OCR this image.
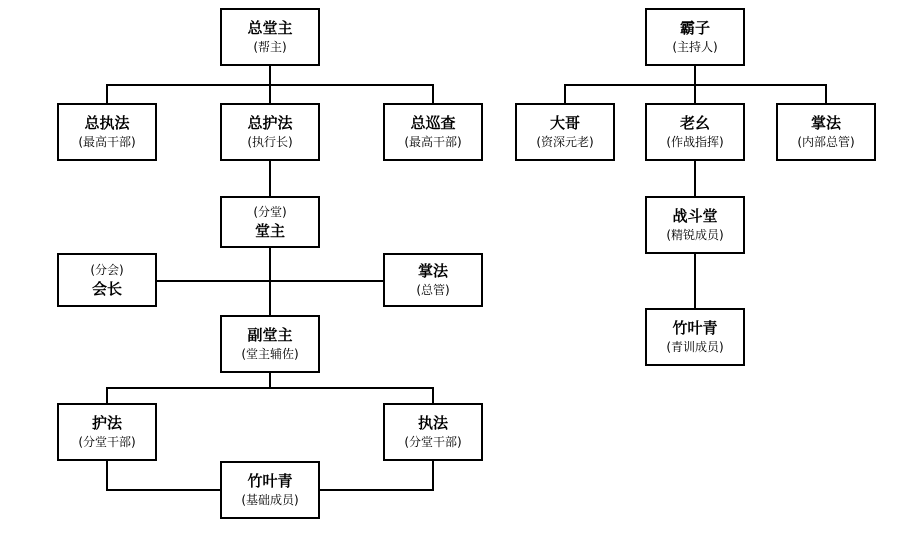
总堂主
(帮主)
总执法
(最高干部)
总护法
(执行长)
总巡查
(最高干部)
(分堂)
堂主
(分会)
会长
掌法
(总管)
副堂主
(堂主辅佐)
护法
(分堂干部)
执法
(分堂干部)
竹叶青
(基础成员)
霸子
(主持人)
大哥
(资深元老)
老幺
(作战指挥)
掌法
(内部总管)
战斗堂
(精锐成员)
竹叶青
(青训成员)
